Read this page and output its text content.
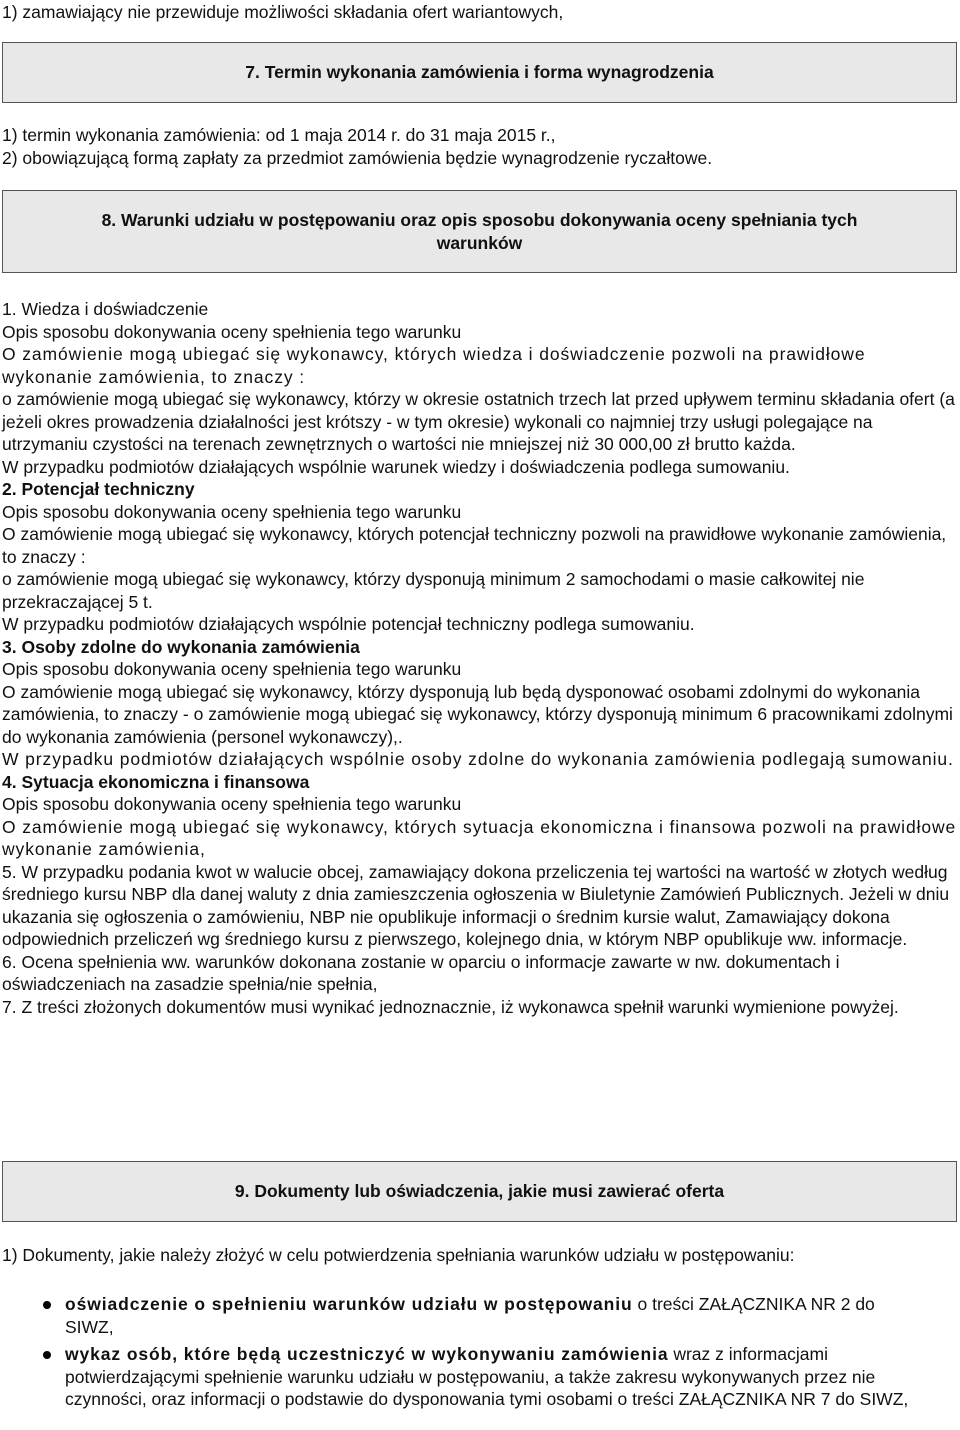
1) zamawiający nie przewiduje możliwości składania ofert wariantowych,

7. Termin wykonania zamówienia i forma wynagrodzenia

1) termin wykonania zamówienia: od 1 maja 2014 r. do 31 maja 2015 r.,

2) obowiązującą formą zapłaty za przedmiot zamówienia będzie wynagrodzenie ryczałtowe.

8. Warunki udziału w postępowaniu oraz opis sposobu dokonywania oceny spełniania tych
warunków

1. Wiedza i doświadczenie

Opis sposobu dokonywania oceny spełnienia tego warunku

O zamówienie mogą ubiegać się wykonawcy, których wiedza i doświadczenie pozwoli na prawidłowe wykonanie zamówienia, to znaczy :

o zamówienie mogą ubiegać się wykonawcy, którzy w okresie ostatnich trzech lat przed upływem terminu składania ofert (a jeżeli okres prowadzenia działalności jest krótszy - w tym okresie) wykonali co najmniej trzy usługi polegające na utrzymaniu czystości na terenach zewnętrznych o wartości nie mniejszej niż 30 000,00 zł brutto każda.

W przypadku podmiotów działających wspólnie warunek wiedzy i doświadczenia podlega sumowaniu.

2. Potencjał techniczny

Opis sposobu dokonywania oceny spełnienia tego warunku

O zamówienie mogą ubiegać się wykonawcy, których potencjał techniczny pozwoli na prawidłowe wykonanie zamówienia, to znaczy :

o zamówienie mogą ubiegać się wykonawcy, którzy dysponują minimum 2 samochodami o masie całkowitej nie przekraczającej 5 t.

W przypadku podmiotów działających wspólnie potencjał techniczny podlega sumowaniu.

3. Osoby zdolne do wykonania zamówienia

Opis sposobu dokonywania oceny spełnienia tego warunku

O zamówienie mogą ubiegać się wykonawcy, którzy dysponują lub będą dysponować osobami zdolnymi do wykonania zamówienia, to znaczy - o zamówienie mogą ubiegać się wykonawcy, którzy dysponują minimum 6 pracownikami zdolnymi do wykonania zamówienia (personel wykonawczy),.

W przypadku podmiotów działających wspólnie osoby zdolne do wykonania zamówienia podlegają sumowaniu.

4. Sytuacja ekonomiczna i finansowa

Opis sposobu dokonywania oceny spełnienia tego warunku

O zamówienie mogą ubiegać się wykonawcy, których sytuacja ekonomiczna i finansowa pozwoli na prawidłowe wykonanie zamówienia,

5. W przypadku podania kwot w walucie obcej, zamawiający dokona przeliczenia tej wartości na wartość w złotych według średniego kursu NBP dla danej waluty z dnia zamieszczenia ogłoszenia w Biuletynie Zamówień Publicznych. Jeżeli w dniu ukazania się ogłoszenia o zamówieniu, NBP nie opublikuje informacji o średnim kursie walut, Zamawiający dokona odpowiednich przeliczeń wg średniego kursu z pierwszego, kolejnego dnia, w którym NBP opublikuje ww. informacje.

6. Ocena spełnienia ww. warunków dokonana zostanie w oparciu o informacje zawarte w nw. dokumentach i oświadczeniach na zasadzie spełnia/nie spełnia,

7. Z treści złożonych dokumentów musi wynikać jednoznacznie, iż wykonawca spełnił warunki wymienione powyżej.

9. Dokumenty lub oświadczenia, jakie musi zawierać oferta

1) Dokumenty, jakie należy złożyć w celu potwierdzenia spełniania warunków udziału w postępowaniu:

oświadczenie o spełnieniu warunków udziału w postępowaniu o treści ZAŁĄCZNIKA NR 2 do SIWZ,
wykaz osób, które będą uczestniczyć w wykonywaniu zamówienia wraz z informacjami potwierdzającymi spełnienie warunku udziału w postępowaniu, a także zakresu wykonywanych przez nie czynności, oraz informacji o podstawie do dysponowania tymi osobami o treści ZAŁĄCZNIKA NR 7 do SIWZ,
